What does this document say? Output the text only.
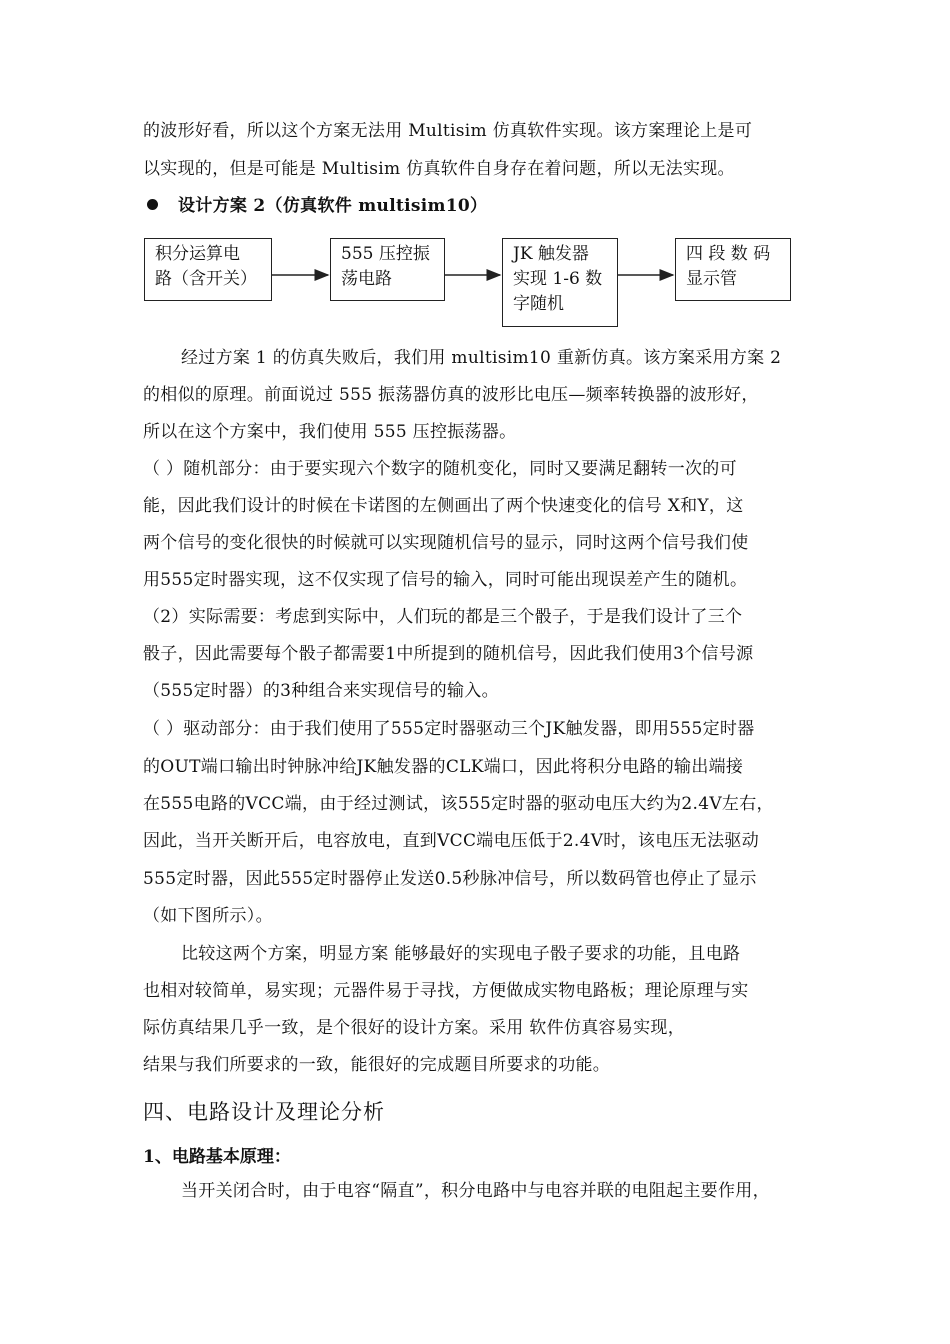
的波形好看，所以这个方案无法用 Multisim 仿真软件实现。该方案理论上是可
以实现的，但是可能是 Multisim 仿真软件自身存在着问题，所以无法实现。
设计方案 2（仿真软件 multisim10）
积分运算电
路（含开关）
555 压控振
荡电路
JK 触发器
实现 1-6 数
字随机
四 段 数 码
显示管
经过方案 1 的仿真失败后，我们用 multisim10 重新仿真。该方案采用方案 2
的相似的原理。前面说过 555 振荡器仿真的波形比电压—频率转换器的波形好，
所以在这个方案中，我们使用 555 压控振荡器。
（ ）随机部分：由于要实现六个数字的随机变化，同时又要满足翻转一次的可
能，因此我们设计的时候在卡诺图的左侧画出了两个快速变化的信号 X和Y，这
两个信号的变化很快的时候就可以实现随机信号的显示，同时这两个信号我们使
用555定时器实现，这不仅实现了信号的输入，同时可能出现误差产生的随机。
（2）实际需要：考虑到实际中，人们玩的都是三个骰子，于是我们设计了三个
骰子，因此需要每个骰子都需要1中所提到的随机信号，因此我们使用3个信号源
（555定时器）的3种组合来实现信号的输入。
（ ）驱动部分：由于我们使用了555定时器驱动三个JK触发器，即用555定时器
的OUT端口输出时钟脉冲给JK触发器的CLK端口，因此将积分电路的输出端接
在555电路的VCC端，由于经过测试，该555定时器的驱动电压大约为2.4V左右，
因此，当开关断开后，电容放电，直到VCC端电压低于2.4V时，该电压无法驱动
555定时器，因此555定时器停止发送0.5秒脉冲信号，所以数码管也停止了显示
（如下图所示）。
比较这两个方案，明显方案 能够最好的实现电子骰子要求的功能，且电路
也相对较简单，易实现；元器件易于寻找，方便做成实物电路板；理论原理与实
际仿真结果几乎一致，是个很好的设计方案。采用 软件仿真容易实现，
结果与我们所要求的一致，能很好的完成题目所要求的功能。
四、电路设计及理论分析
1、电路基本原理：
当开关闭合时，由于电容“隔直”，积分电路中与电容并联的电阻起主要作用，
